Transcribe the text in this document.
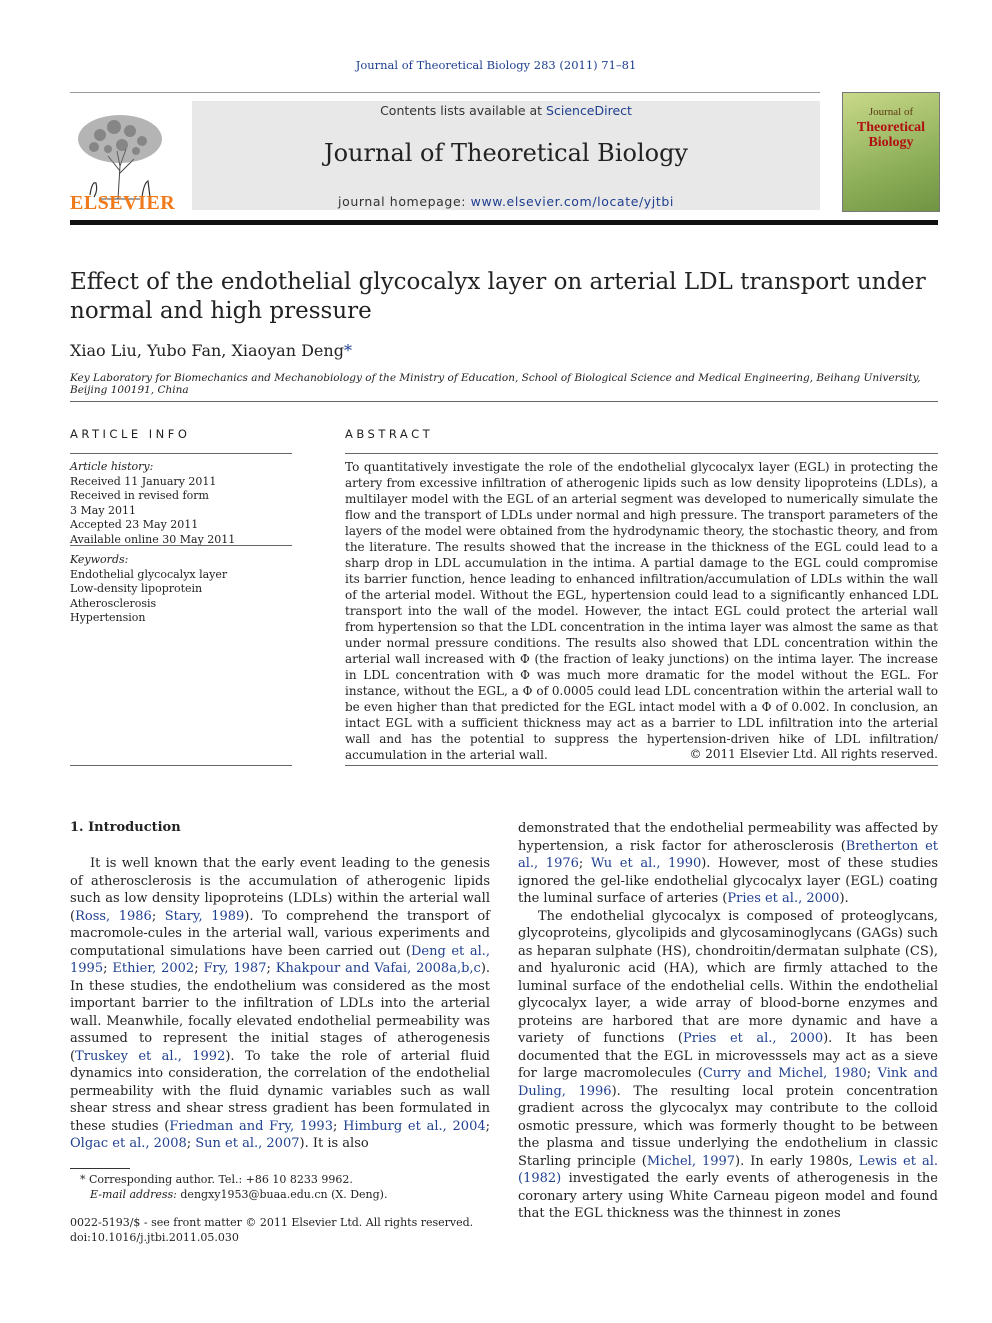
Journal of Theoretical Biology 283 (2011) 71–81
ELSEVIER
Contents lists available at ScienceDirect
Journal of Theoretical Biology
journal homepage: www.elsevier.com/locate/yjtbi
Journal of
Theoretical
Biology
Effect of the endothelial glycocalyx layer on arterial LDL transport under normal and high pressure
Xiao Liu, Yubo Fan, Xiaoyan Deng*
Key Laboratory for Biomechanics and Mechanobiology of the Ministry of Education, School of Biological Science and Medical Engineering, Beihang University, Beijing 100191, China
ARTICLE INFO	ABSTRACT
Article history:
Received 11 January 2011
Received in revised form
3 May 2011
Accepted 23 May 2011
Available online 30 May 2011
Keywords:
Endothelial glycocalyx layer
Low-density lipoprotein
Atherosclerosis
Hypertension
To quantitatively investigate the role of the endothelial glycocalyx layer (EGL) in protecting the artery from excessive infiltration of atherogenic lipids such as low density lipoproteins (LDLs), a multilayer model with the EGL of an arterial segment was developed to numerically simulate the flow and the transport of LDLs under normal and high pressure. The transport parameters of the layers of the model were obtained from the hydrodynamic theory, the stochastic theory, and from the literature. The results showed that the increase in the thickness of the EGL could lead to a sharp drop in LDL accumulation in the intima. A partial damage to the EGL could compromise its barrier function, hence leading to enhanced infiltration/accumulation of LDLs within the wall of the arterial model. Without the EGL, hypertension could lead to a significantly enhanced LDL transport into the wall of the model. However, the intact EGL could protect the arterial wall from hypertension so that the LDL concentration in the intima layer was almost the same as that under normal pressure conditions. The results also showed that LDL concentration within the arterial wall increased with Φ (the fraction of leaky junctions) on the intima layer. The increase in LDL concentration with Φ was much more dramatic for the model without the EGL. For instance, without the EGL, a Φ of 0.0005 could lead LDL concentration within the arterial wall to be even higher than that predicted for the EGL intact model with a Φ of 0.002. In conclusion, an intact EGL with a sufficient thickness may act as a barrier to LDL infiltration into the arterial wall and has the potential to suppress the hypertension-driven hike of LDL infiltration/ accumulation in the arterial wall.	© 2011 Elsevier Ltd. All rights reserved.
1. Introduction

It is well known that the early event leading to the genesis of atherosclerosis is the accumulation of atherogenic lipids such as low density lipoproteins (LDLs) within the arterial wall (Ross, 1986; Stary, 1989). To comprehend the transport of macromole-cules in the arterial wall, various experiments and computational simulations have been carried out (Deng et al., 1995; Ethier, 2002; Fry, 1987; Khakpour and Vafai, 2008a,b,c). In these studies, the endothelium was considered as the most important barrier to the infiltration of LDLs into the arterial wall. Meanwhile, focally elevated endothelial permeability was assumed to represent the initial stages of atherogenesis (Truskey et al., 1992). To take the role of arterial fluid dynamics into consideration, the correlation of the endothelial permeability with the fluid dynamic variables such as wall shear stress and shear stress gradient has been formulated in these studies (Friedman and Fry, 1993; Himburg et al., 2004; Olgac et al., 2008; Sun et al., 2007). It is also

demonstrated that the endothelial permeability was affected by hypertension, a risk factor for atherosclerosis (Bretherton et al., 1976; Wu et al., 1990). However, most of these studies ignored the gel-like endothelial glycocalyx layer (EGL) coating the luminal surface of arteries (Pries et al., 2000).

The endothelial glycocalyx is composed of proteoglycans, glycoproteins, glycolipids and glycosaminoglycans (GAGs) such as heparan sulphate (HS), chondroitin/dermatan sulphate (CS), and hyaluronic acid (HA), which are firmly attached to the luminal surface of the endothelial cells. Within the endothelial glycocalyx layer, a wide array of blood-borne enzymes and proteins are harbored that are more dynamic and have a variety of functions (Pries et al., 2000). It has been documented that the EGL in microvesssels may act as a sieve for large macromolecules (Curry and Michel, 1980; Vink and Duling, 1996). The resulting local protein concentration gradient across the glycocalyx may contribute to the colloid osmotic pressure, which was formerly thought to be between the plasma and tissue underlying the endothelium in classic Starling principle (Michel, 1997). In early 1980s, Lewis et al. (1982) investigated the early events of atherogenesis in the coronary artery using White Carneau pigeon model and found that the EGL thickness was the thinnest in zones

* Corresponding author. Tel.: +86 10 8233 9962.
E-mail address: dengxy1953@buaa.edu.cn (X. Deng).
0022-5193/$ - see front matter © 2011 Elsevier Ltd. All rights reserved.
doi:10.1016/j.jtbi.2011.05.030
